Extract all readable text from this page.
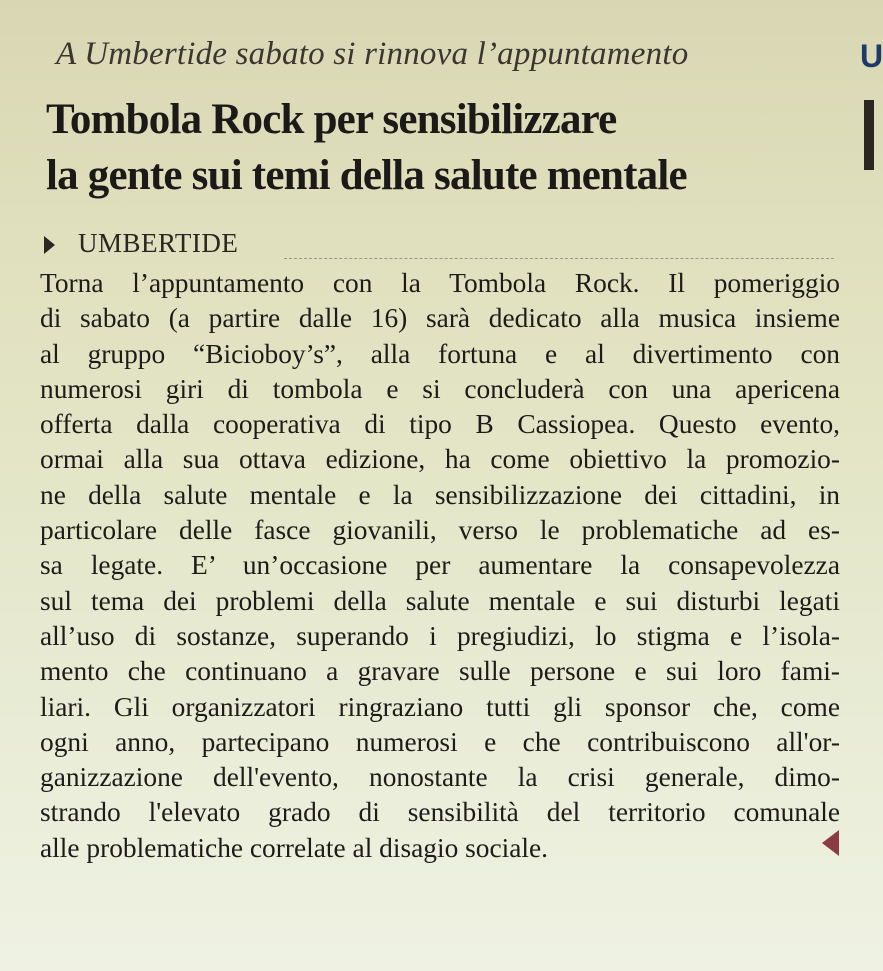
A Umbertide sabato si rinnova l’appuntamento
Tombola Rock per sensibilizzare
la gente sui temi della salute mentale
UMBERTIDE
Torna l’appuntamento con la Tombola Rock. Il pomeriggio
di sabato (a partire dalle 16) sarà dedicato alla musica insieme
al gruppo “Bicioboy’s”, alla fortuna e al divertimento con
numerosi giri di tombola e si concluderà con una apericena
offerta dalla cooperativa di tipo B Cassiopea. Questo evento,
ormai alla sua ottava edizione, ha come obiettivo la promozio-
ne della salute mentale e la sensibilizzazione dei cittadini, in
particolare delle fasce giovanili, verso le problematiche ad es-
sa legate. E’ un’occasione per aumentare la consapevolezza
sul tema dei problemi della salute mentale e sui disturbi legati
all’uso di sostanze, superando i pregiudizi, lo stigma e l’isola-
mento che continuano a gravare sulle persone e sui loro fami-
liari. Gli organizzatori ringraziano tutti gli sponsor che, come
ogni anno, partecipano numerosi e che contribuiscono all'or-
ganizzazione dell'evento, nonostante la crisi generale, dimo-
strando l'elevato grado di sensibilità del territorio comunale
alle problematiche correlate al disagio sociale.
U
